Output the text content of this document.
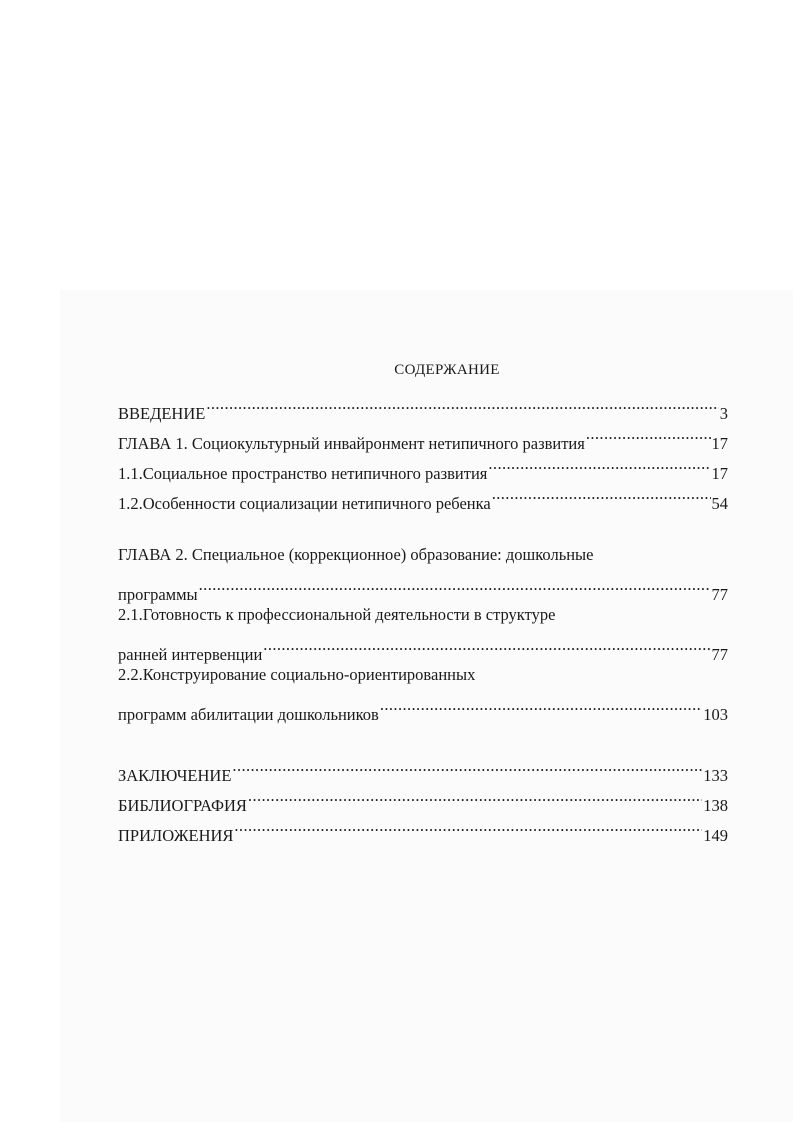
СОДЕРЖАНИЕ
ВВЕДЕНИЕ .....	3
ГЛАВА 1. Социокультурный инвайронмент нетипичного развития .....	17
1.1.Социальное пространство нетипичного развития .....	17
1.2.Особенности социализации нетипичного ребенка .....	54
ГЛАВА 2. Специальное (коррекционное) образование: дошкольные
программы .....	77
2.1.Готовность к профессиональной деятельности в структуре
ранней интервенции .....	77
2.2.Конструирование социально-ориентированных
программ абилитации дошкольников .....	103
ЗАКЛЮЧЕНИЕ .....	133
БИБЛИОГРАФИЯ .....	138
ПРИЛОЖЕНИЯ .....	149
